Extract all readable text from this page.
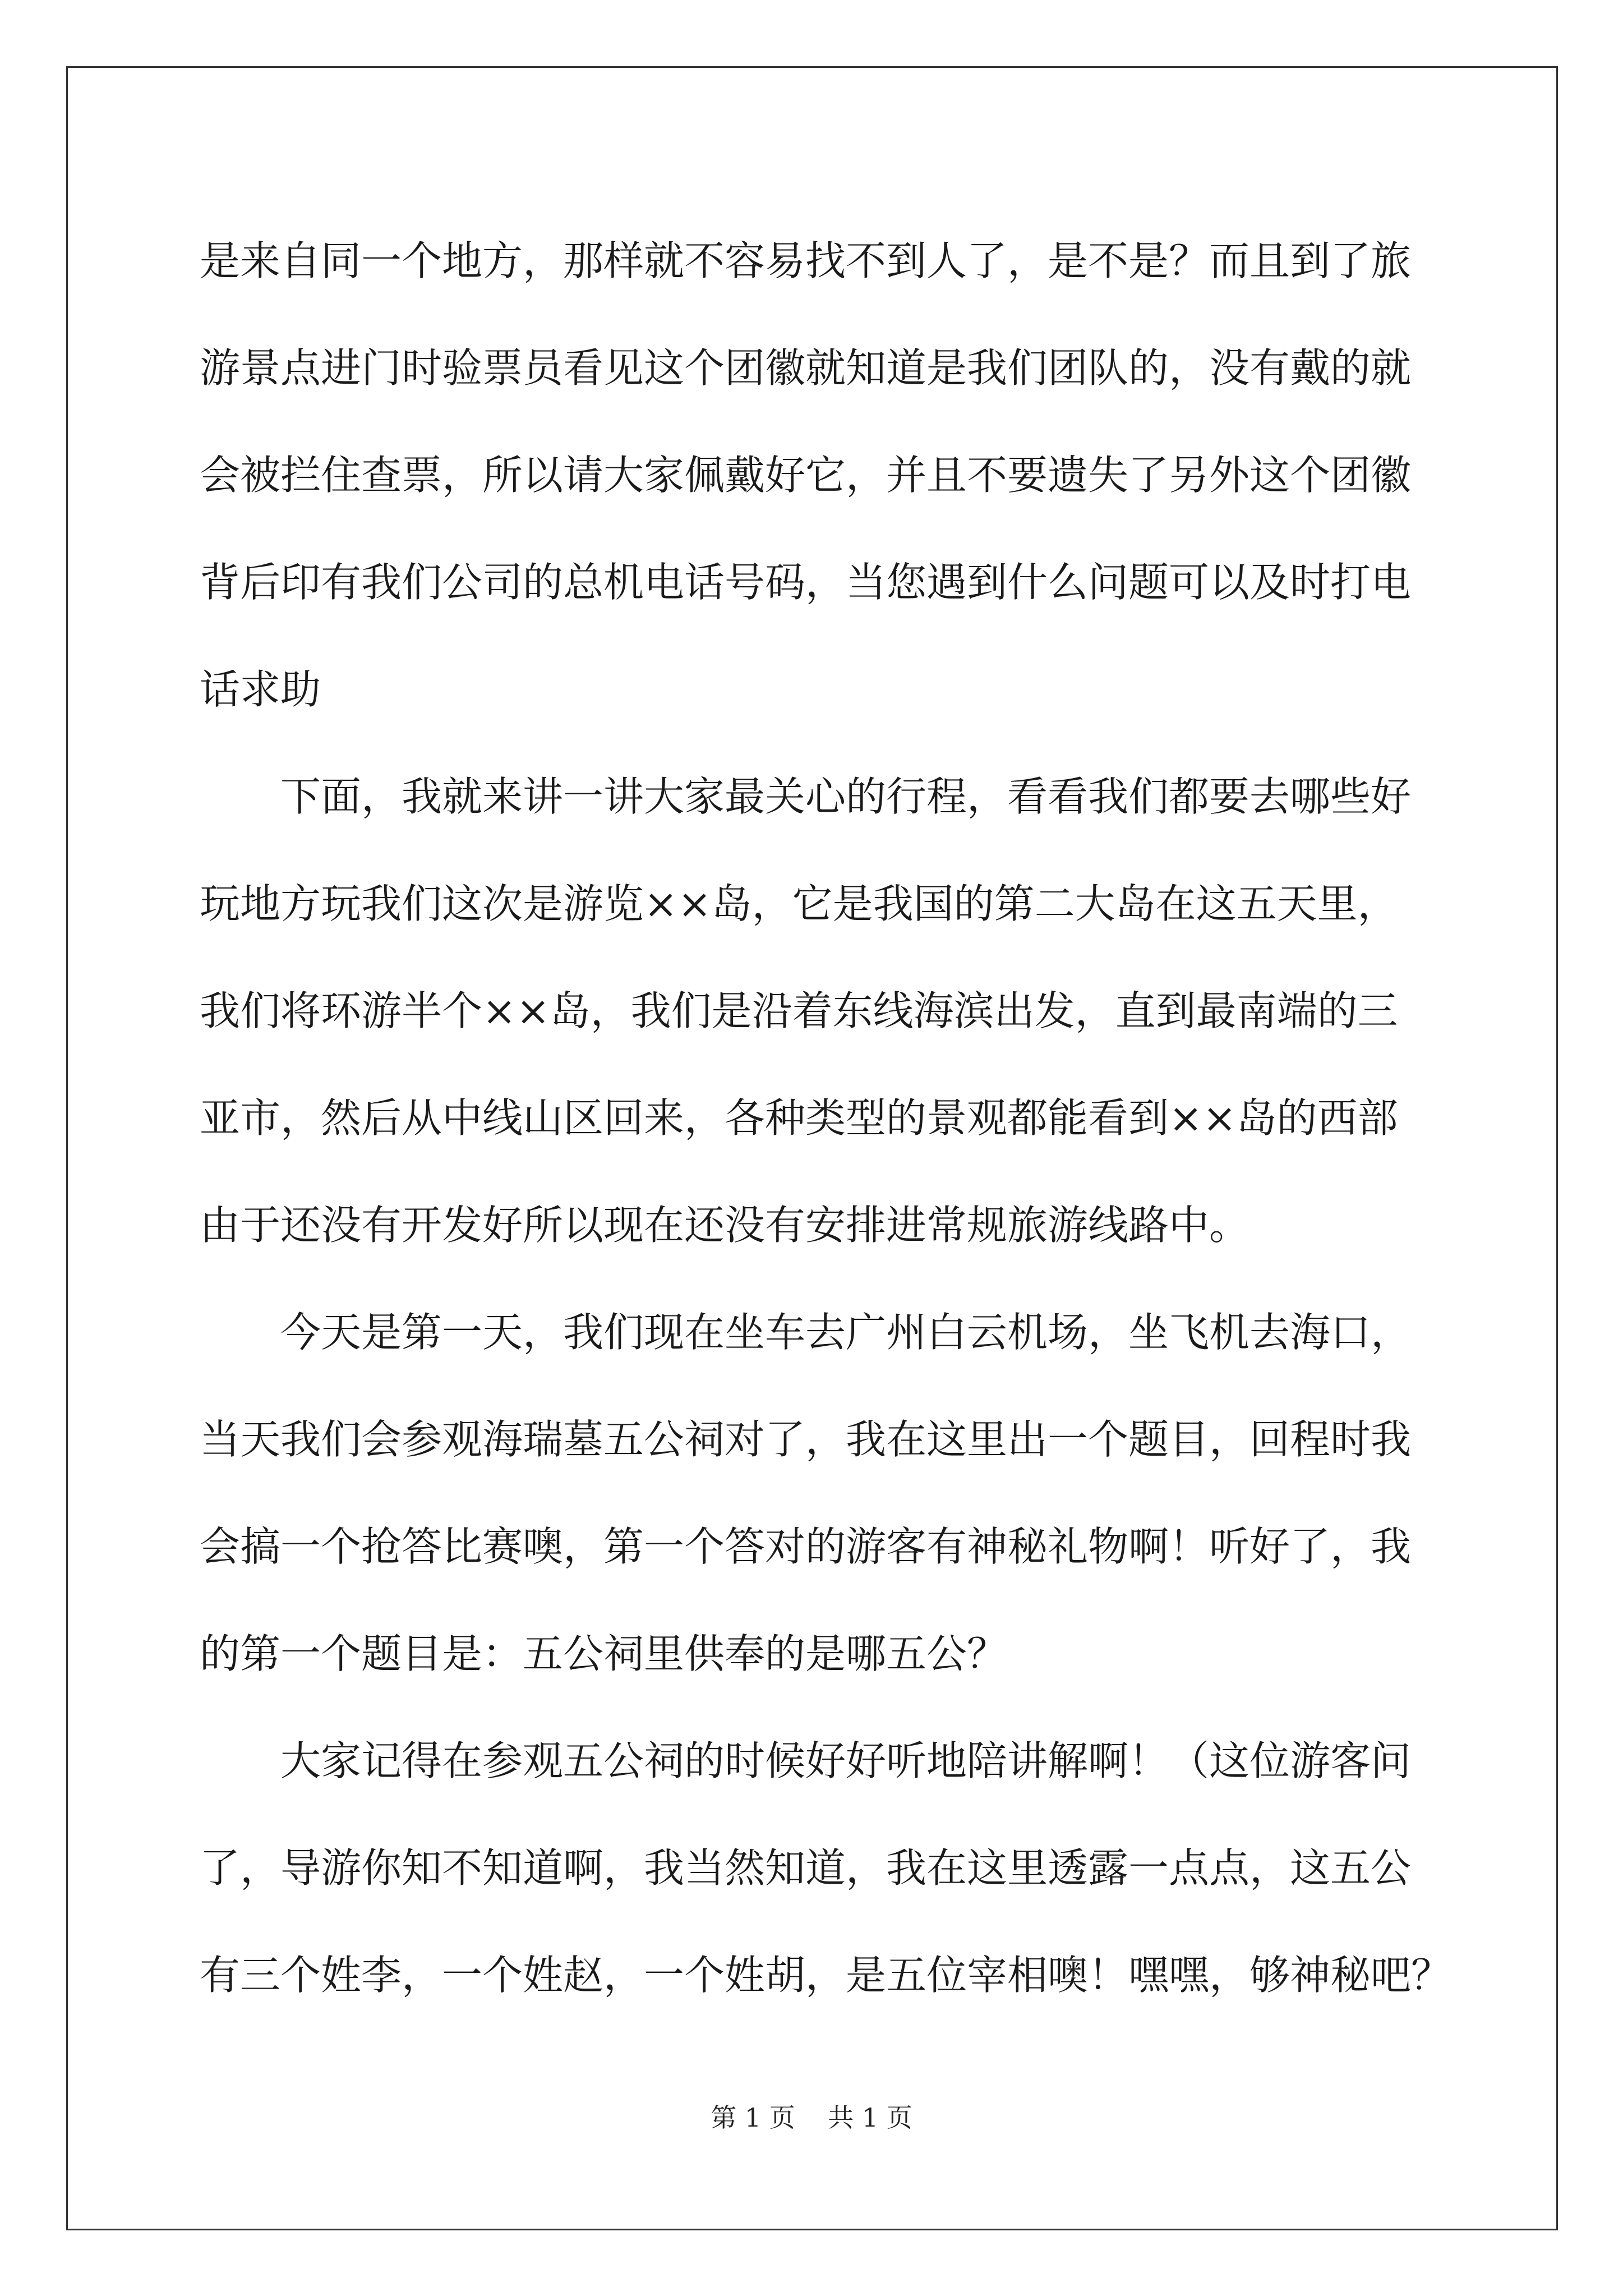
是来自同一个地方，那样就不容易找不到人了，是不是？而且到了旅
游景点进门时验票员看见这个团徽就知道是我们团队的，没有戴的就
会被拦住查票，所以请大家佩戴好它，并且不要遗失了另外这个团徽
背后印有我们公司的总机电话号码，当您遇到什么问题可以及时打电
话求助
下面，我就来讲一讲大家最关心的行程，看看我们都要去哪些好
玩地方玩我们这次是游览××岛，它是我国的第二大岛在这五天里，
我们将环游半个××岛，我们是沿着东线海滨出发，直到最南端的三
亚市，然后从中线山区回来，各种类型的景观都能看到××岛的西部
由于还没有开发好所以现在还没有安排进常规旅游线路中。
今天是第一天，我们现在坐车去广州白云机场，坐飞机去海口，
当天我们会参观海瑞墓五公祠对了，我在这里出一个题目，回程时我
会搞一个抢答比赛噢，第一个答对的游客有神秘礼物啊！听好了，我
的第一个题目是：五公祠里供奉的是哪五公？
大家记得在参观五公祠的时候好好听地陪讲解啊！（这位游客问
了，导游你知不知道啊，我当然知道，我在这里透露一点点，这五公
有三个姓李，一个姓赵，一个姓胡，是五位宰相噢！嘿嘿，够神秘吧？
第 1 页    共 1 页
